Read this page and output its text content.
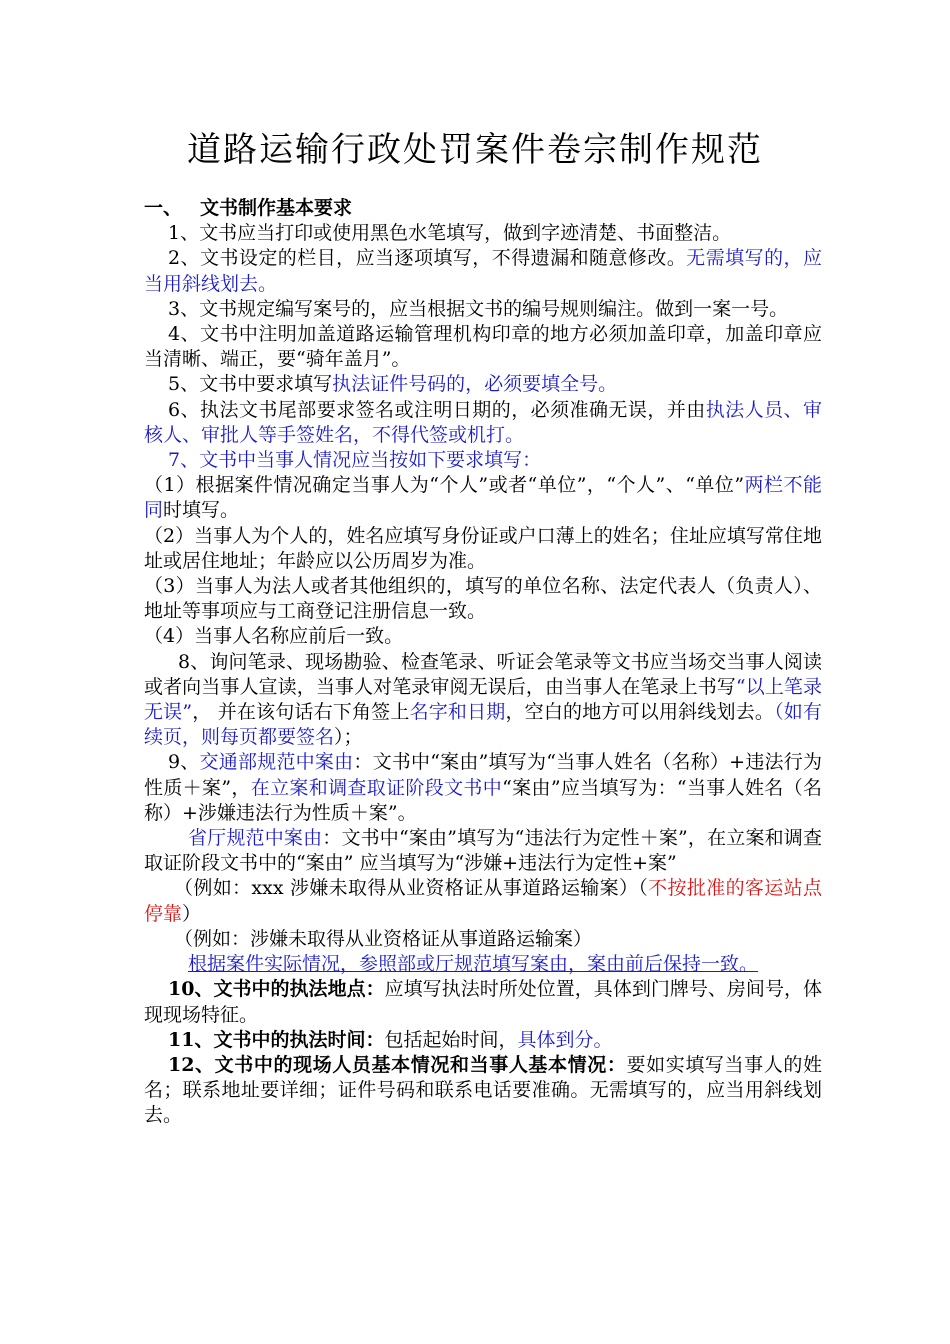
道路运输行政处罚案件卷宗制作规范

一、 文书制作基本要求

1、文书应当打印或使用黑色水笔填写，做到字迹清楚、书面整洁。

2、文书设定的栏目，应当逐项填写，不得遗漏和随意修改。无需填写的，应当用斜线划去。

3、文书规定编写案号的，应当根据文书的编号规则编注。做到一案一号。

4、文书中注明加盖道路运输管理机构印章的地方必须加盖印章，加盖印章应当清晰、端正，要“骑年盖月”。

5、文书中要求填写执法证件号码的，必须要填全号。

6、执法文书尾部要求签名或注明日期的，必须准确无误，并由执法人员、审核人、审批人等手签姓名，不得代签或机打。

7、文书中当事人情况应当按如下要求填写：

（1）根据案件情况确定当事人为“个人”或者“单位”，“个人”、“单位”两栏不能同时填写。

（2）当事人为个人的，姓名应填写身份证或户口薄上的姓名；住址应填写常住地址或居住地址；年龄应以公历周岁为准。

（3）当事人为法人或者其他组织的，填写的单位名称、法定代表人（负责人）、地址等事项应与工商登记注册信息一致。

（4）当事人名称应前后一致。

8、询问笔录、现场勘验、检查笔录、听证会笔录等文书应当场交当事人阅读或者向当事人宣读，当事人对笔录审阅无误后，由当事人在笔录上书写“以上笔录无误”， 并在该句话右下角签上名字和日期，空白的地方可以用斜线划去。（如有续页，则每页都要签名）；

9、交通部规范中案由：文书中“案由”填写为“当事人姓名（名称）+违法行为性质＋案”，在立案和调查取证阶段文书中“案由”应当填写为：“当事人姓名（名称）+涉嫌违法行为性质＋案”。

省厅规范中案由：文书中“案由”填写为“违法行为定性＋案”，在立案和调查取证阶段文书中的“案由” 应当填写为“涉嫌+违法行为定性+案”

（例如：xxx 涉嫌未取得从业资格证从事道路运输案）（不按批准的客运站点停靠）

（例如：涉嫌未取得从业资格证从事道路运输案）

根据案件实际情况，参照部或厅规范填写案由，案由前后保持一致。

10、文书中的执法地点：应填写执法时所处位置，具体到门牌号、房间号，体现现场特征。

11、文书中的执法时间：包括起始时间，具体到分。

12、文书中的现场人员基本情况和当事人基本情况：要如实填写当事人的姓名；联系地址要详细；证件号码和联系电话要准确。无需填写的，应当用斜线划去。
